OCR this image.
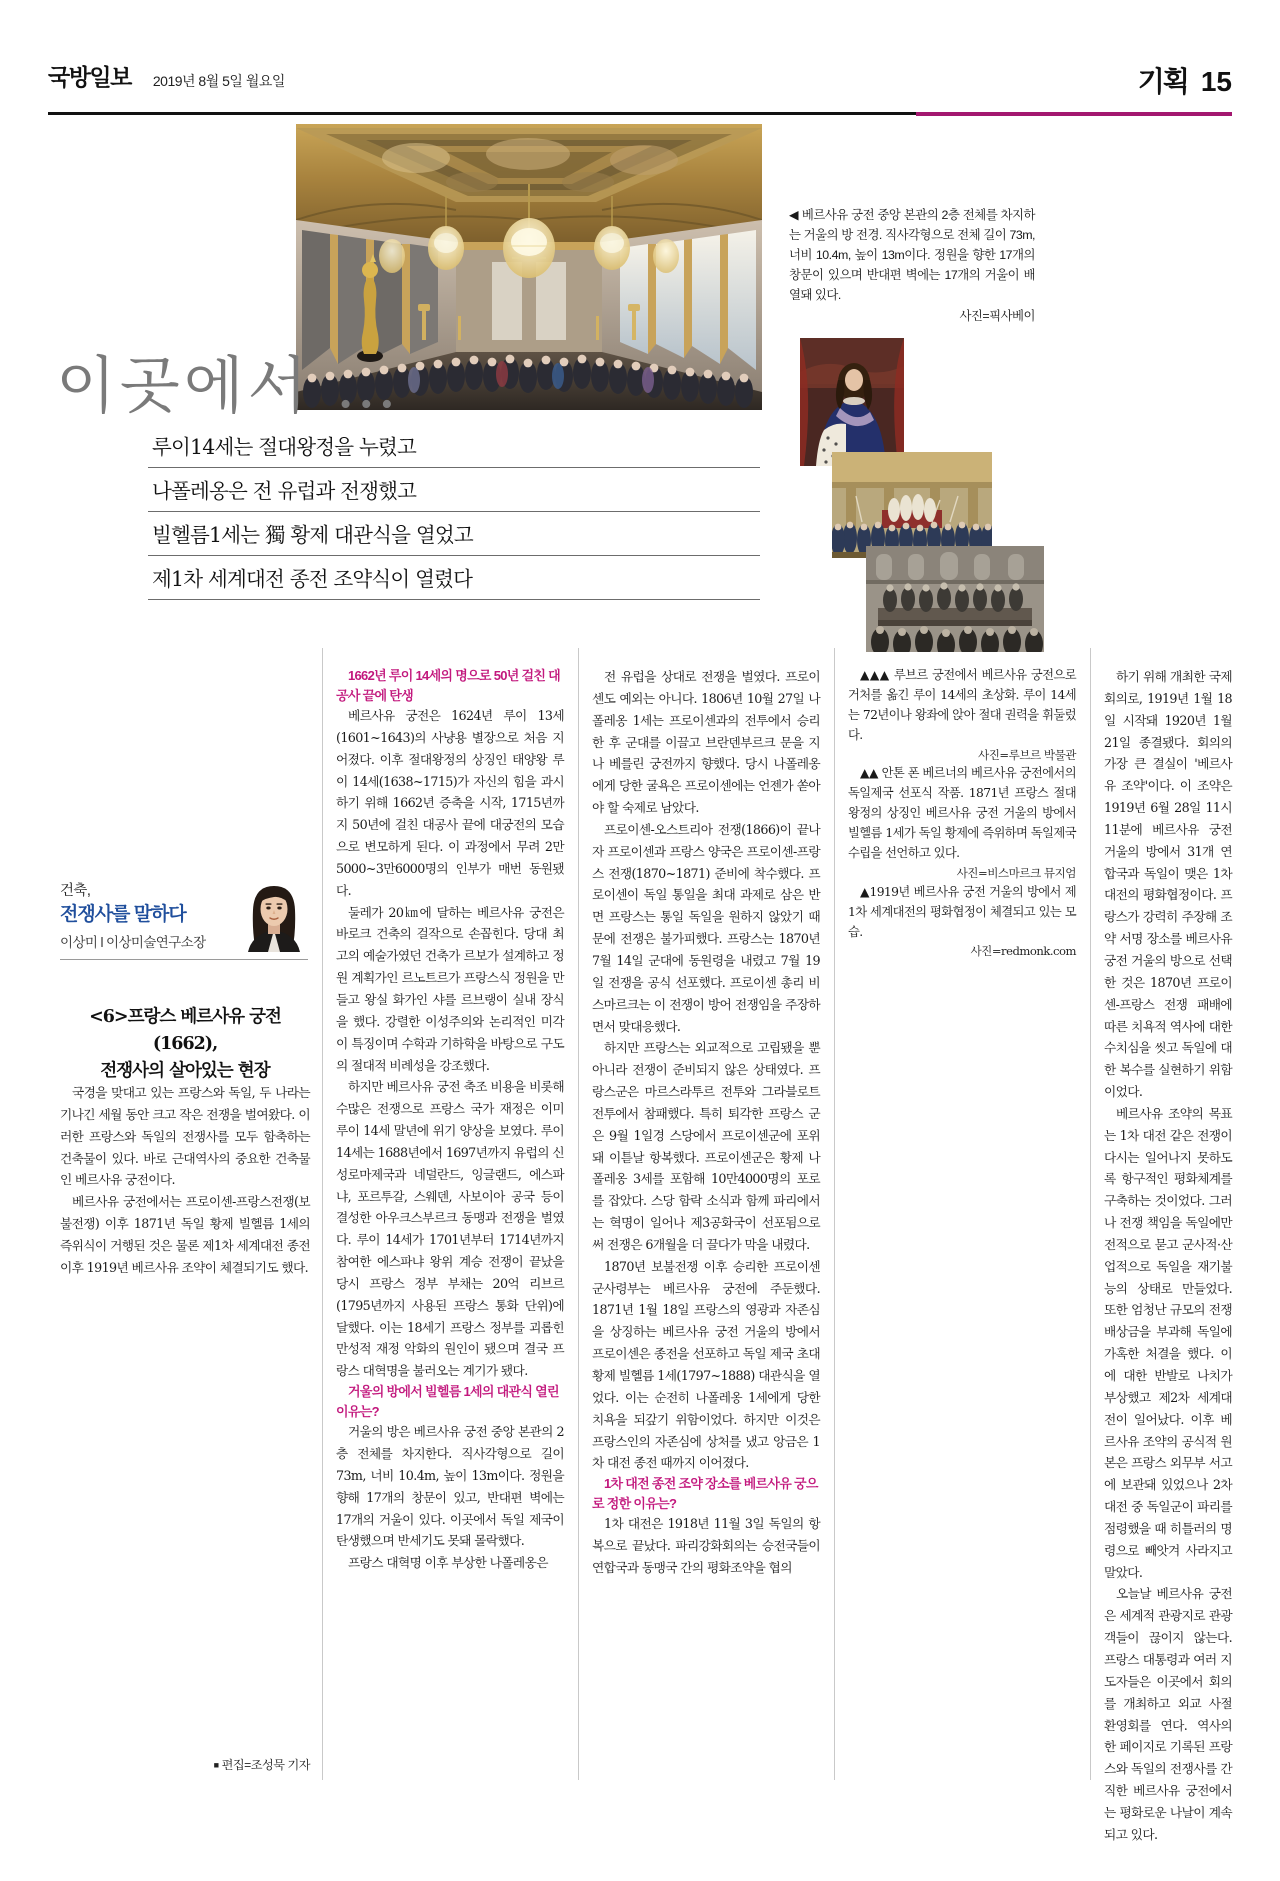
국방일보 2019년 8월 5일 월요일	기획 15
◀ 베르사유 궁전 중앙 본관의 2층 전체를 차지하는 거울의 방 전경. 직사각형으로 전체 길이 73m, 너비 10.4m, 높이 13m이다. 정원을 향한 17개의 창문이 있으며 반대편 벽에는 17개의 거울이 배열돼 있다.
사진=픽사베이
이곳에서 …
루이14세는 절대왕정을 누렸고
나폴레옹은 전 유럽과 전쟁했고
빌헬름1세는 獨 황제 대관식을 열었고
제1차 세계대전 종전 조약식이 열렸다
건축,
전쟁사를 말하다
이상미 l 이상미술연구소장
<6>프랑스 베르사유 궁전(1662),
전쟁사의 살아있는 현장

국경을 맞대고 있는 프랑스와 독일, 두 나라는 기나긴 세월 동안 크고 작은 전쟁을 벌여왔다. 이러한 프랑스와 독일의 전쟁사를 모두 함축하는 건축물이 있다. 바로 근대역사의 중요한 건축물인 베르사유 궁전이다.

베르사유 궁전에서는 프로이센-프랑스전쟁(보불전쟁) 이후 1871년 독일 황제 빌헬름 1세의 즉위식이 거행된 것은 물론 제1차 세계대전 종전 이후 1919년 베르사유 조약이 체결되기도 했다.

1662년 루이 14세의 명으로 50년 걸친 대공사 끝에 탄생

베르사유 궁전은 1624년 루이 13세(1601~1643)의 사냥용 별장으로 처음 지어졌다. 이후 절대왕정의 상징인 태양왕 루이 14세(1638~1715)가 자신의 힘을 과시하기 위해 1662년 증축을 시작, 1715년까지 50년에 걸친 대공사 끝에 대궁전의 모습으로 변모하게 된다. 이 과정에서 무려 2만5000~3만6000명의 인부가 매번 동원됐다.

둘레가 20㎞에 달하는 베르사유 궁전은 바로크 건축의 걸작으로 손꼽힌다. 당대 최고의 예술가였던 건축가 르보가 설계하고 정원 계획가인 르노트르가 프랑스식 정원을 만들고 왕실 화가인 샤를 르브랭이 실내 장식을 했다. 강렬한 이성주의와 논리적인 미각이 특징이며 수학과 기하학을 바탕으로 구도의 절대적 비례성을 강조했다.

하지만 베르사유 궁전 축조 비용을 비롯해 수많은 전쟁으로 프랑스 국가 재정은 이미 루이 14세 말년에 위기 양상을 보였다. 루이 14세는 1688년에서 1697년까지 유럽의 신성로마제국과 네덜란드, 잉글랜드, 에스파냐, 포르투갈, 스웨덴, 사보이아 공국 등이 결성한 아우크스부르크 동맹과 전쟁을 벌였다. 루이 14세가 1701년부터 1714년까지 참여한 에스파냐 왕위 계승 전쟁이 끝났을 당시 프랑스 정부 부채는 20억 리브르(1795년까지 사용된 프랑스 통화 단위)에 달했다. 이는 18세기 프랑스 정부를 괴롭힌 만성적 재정 악화의 원인이 됐으며 결국 프랑스 대혁명을 불러오는 계기가 됐다.

거울의 방에서 빌헬름 1세의 대관식 열린 이유는?

거울의 방은 베르사유 궁전 중앙 본관의 2층 전체를 차지한다. 직사각형으로 길이 73m, 너비 10.4m, 높이 13m이다. 정원을 향해 17개의 창문이 있고, 반대편 벽에는 17개의 거울이 있다. 이곳에서 독일 제국이 탄생했으며 반세기도 못돼 몰락했다.

프랑스 대혁명 이후 부상한 나폴레옹은

전 유럽을 상대로 전쟁을 벌였다. 프로이센도 예외는 아니다. 1806년 10월 27일 나폴레옹 1세는 프로이센과의 전투에서 승리한 후 군대를 이끌고 브란덴부르크 문을 지나 베를린 궁전까지 향했다. 당시 나폴레옹에게 당한 굴욕은 프로이센에는 언젠가 쏟아야 할 숙제로 남았다.

프로이센-오스트리아 전쟁(1866)이 끝나자 프로이센과 프랑스 양국은 프로이센-프랑스 전쟁(1870~1871) 준비에 착수했다. 프로이센이 독일 통일을 최대 과제로 삼은 반면 프랑스는 통일 독일을 원하지 않았기 때문에 전쟁은 불가피했다. 프랑스는 1870년 7월 14일 군대에 동원령을 내렸고 7월 19일 전쟁을 공식 선포했다. 프로이센 총리 비스마르크는 이 전쟁이 방어 전쟁임을 주장하면서 맞대응했다.

하지만 프랑스는 외교적으로 고립됐을 뿐 아니라 전쟁이 준비되지 않은 상태였다. 프랑스군은 마르스라투르 전투와 그라블로트 전투에서 참패했다. 특히 퇴각한 프랑스 군은 9월 1일경 스당에서 프로이센군에 포위돼 이튿날 항복했다. 프로이센군은 황제 나폴레옹 3세를 포함해 10만4000명의 포로를 잡았다. 스당 함락 소식과 함께 파리에서는 혁명이 일어나 제3공화국이 선포됨으로써 전쟁은 6개월을 더 끌다가 막을 내렸다.

1870년 보불전쟁 이후 승리한 프로이센 군사령부는 베르사유 궁전에 주둔했다. 1871년 1월 18일 프랑스의 영광과 자존심을 상징하는 베르사유 궁전 거울의 방에서 프로이센은 종전을 선포하고 독일 제국 초대 황제 빌헬름 1세(1797~1888) 대관식을 열었다. 이는 순전히 나폴레옹 1세에게 당한 치욕을 되갚기 위함이었다. 하지만 이것은 프랑스인의 자존심에 상처를 냈고 앙금은 1차 대전 종전 때까지 이어졌다.

1차 대전 종전 조약 장소를 베르사유 궁으로 정한 이유는?

1차 대전은 1918년 11월 3일 독일의 항복으로 끝났다. 파리강화회의는 승전국들이 연합국과 동맹국 간의 평화조약을 협의

▲▲▲ 루브르 궁전에서 베르사유 궁전으로 거처를 옮긴 루이 14세의 초상화. 루이 14세는 72년이나 왕좌에 앉아 절대 권력을 휘둘렀다.
사진=루브르 박물관

▲▲ 안톤 폰 베르너의 베르사유 궁전에서의 독일제국 선포식 작품. 1871년 프랑스 절대왕정의 상징인 베르사유 궁전 거울의 방에서 빌헬름 1세가 독일 황제에 즉위하며 독일제국 수립을 선언하고 있다.
사진=비스마르크 뮤지엄

▲1919년 베르사유 궁전 거울의 방에서 제1차 세계대전의 평화협정이 체결되고 있는 모습.
사진=redmonk.com

하기 위해 개최한 국제회의로, 1919년 1월 18일 시작돼 1920년 1월 21일 종결됐다. 회의의 가장 큰 결실이 '베르사유 조약'이다. 이 조약은 1919년 6월 28일 11시11분에 베르사유 궁전 거울의 방에서 31개 연합국과 독일이 맺은 1차 대전의 평화협정이다. 프랑스가 강력히 주장해 조약 서명 장소를 베르사유 궁전 거울의 방으로 선택한 것은 1870년 프로이센-프랑스 전쟁 패배에 따른 치욕적 역사에 대한 수치심을 씻고 독일에 대한 복수를 실현하기 위함이었다.

베르사유 조약의 목표는 1차 대전 같은 전쟁이 다시는 일어나지 못하도록 항구적인 평화체계를 구축하는 것이었다. 그러나 전쟁 책임을 독일에만 전적으로 묻고 군사적·산업적으로 독일을 재기불능의 상태로 만들었다. 또한 엄청난 규모의 전쟁배상금을 부과해 독일에 가혹한 처결을 했다. 이에 대한 반발로 나치가 부상했고 제2차 세계대전이 일어났다. 이후 베르사유 조약의 공식적 원본은 프랑스 외무부 서고에 보관돼 있었으나 2차 대전 중 독일군이 파리를 점령했을 때 히틀러의 명령으로 빼앗겨 사라지고 말았다.

오늘날 베르사유 궁전은 세계적 관광지로 관광객들이 끊이지 않는다. 프랑스 대통령과 여러 지도자들은 이곳에서 회의를 개최하고 외교 사절 환영회를 연다. 역사의 한 페이지로 기록된 프랑스와 독일의 전쟁사를 간직한 베르사유 궁전에서는 평화로운 나날이 계속되고 있다.

■ 편집=조성묵 기자
